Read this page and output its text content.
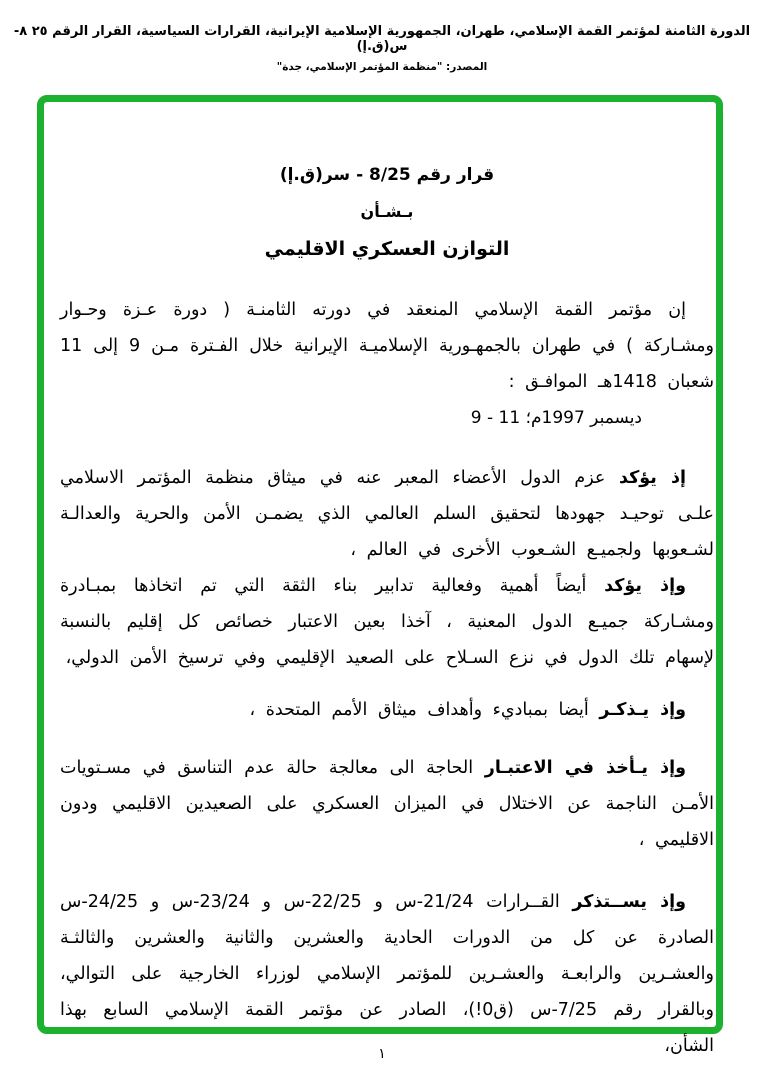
الدورة الثامنة لمؤتمر القمة الإسلامي، طهران، الجمهورية الإسلامية الإيرانية، القرارات السياسية، القرار الرقم ٢٥ ٨-س(ق.إ)
المصدر: "منظمة المؤتمر الإسلامي، جدة"
قرار رقم 8/25 - سر(ق.إ)
بـشـأن
التوازن العسكري الاقليمي

إن مؤتمر القمة الإسلامي المنعقد في دورته الثامنـة ( دورة عـزة وحـوار ومشـاركة ) في طهران بالجمهـورية الإسلاميـة الإيرانية خلال الفـترة مـن 9 إلى 11 شعبان 1418هـ الموافـق :

9 - 11 ديسمبر 1997م؛

إذ يؤكد عزم الدول الأعضاء المعبر عنه في ميثاق منظمة المؤتمر الاسلامي علـى توحيـد جهودها لتحقيق السلم العالمي الذي يضمـن الأمن والحرية والعدالـة لشـعوبها ولجميـع الشـعوب الأخرى في العالم ،

وإذ يؤكد أيضاً أهمية وفعالية تدابير بناء الثقة التي تم اتخاذها بمبـادرة ومشـاركة جميـع الدول المعنية ، آخذا بعين الاعتبار خصائص كل إقليم بالنسبة لإسهام تلك الدول في نزع السـلاح على الصعيد الإقليمي وفي ترسيخ الأمن الدولي،

وإذ يـذكـر أيضا بمباديء وأهداف ميثاق الأمم المتحدة ،

وإذ يـأخذ في الاعتبـار الحاجة الى معالجة حالة عدم التناسق في مسـتويات الأمـن الناجمة عن الاختلال في الميزان العسكري على الصعيدين الاقليمي ودون الاقليمي ،

وإذ يســتذكر القــرارات 21/24-س و 22/25-س و 23/24-س و 24/25-س الصادرة عن كل من الدورات الحادية والعشرين والثانية والعشرين والثالثـة والعشـرين والرابعـة والعشـرين للمؤتمر الإسلامي لوزراء الخارجية على التوالي، وبالقرار رقم 7/25-س (ق0!)، الصادر عن مؤتمر القمة الإسلامي السابع بهذا الشأن،

١
